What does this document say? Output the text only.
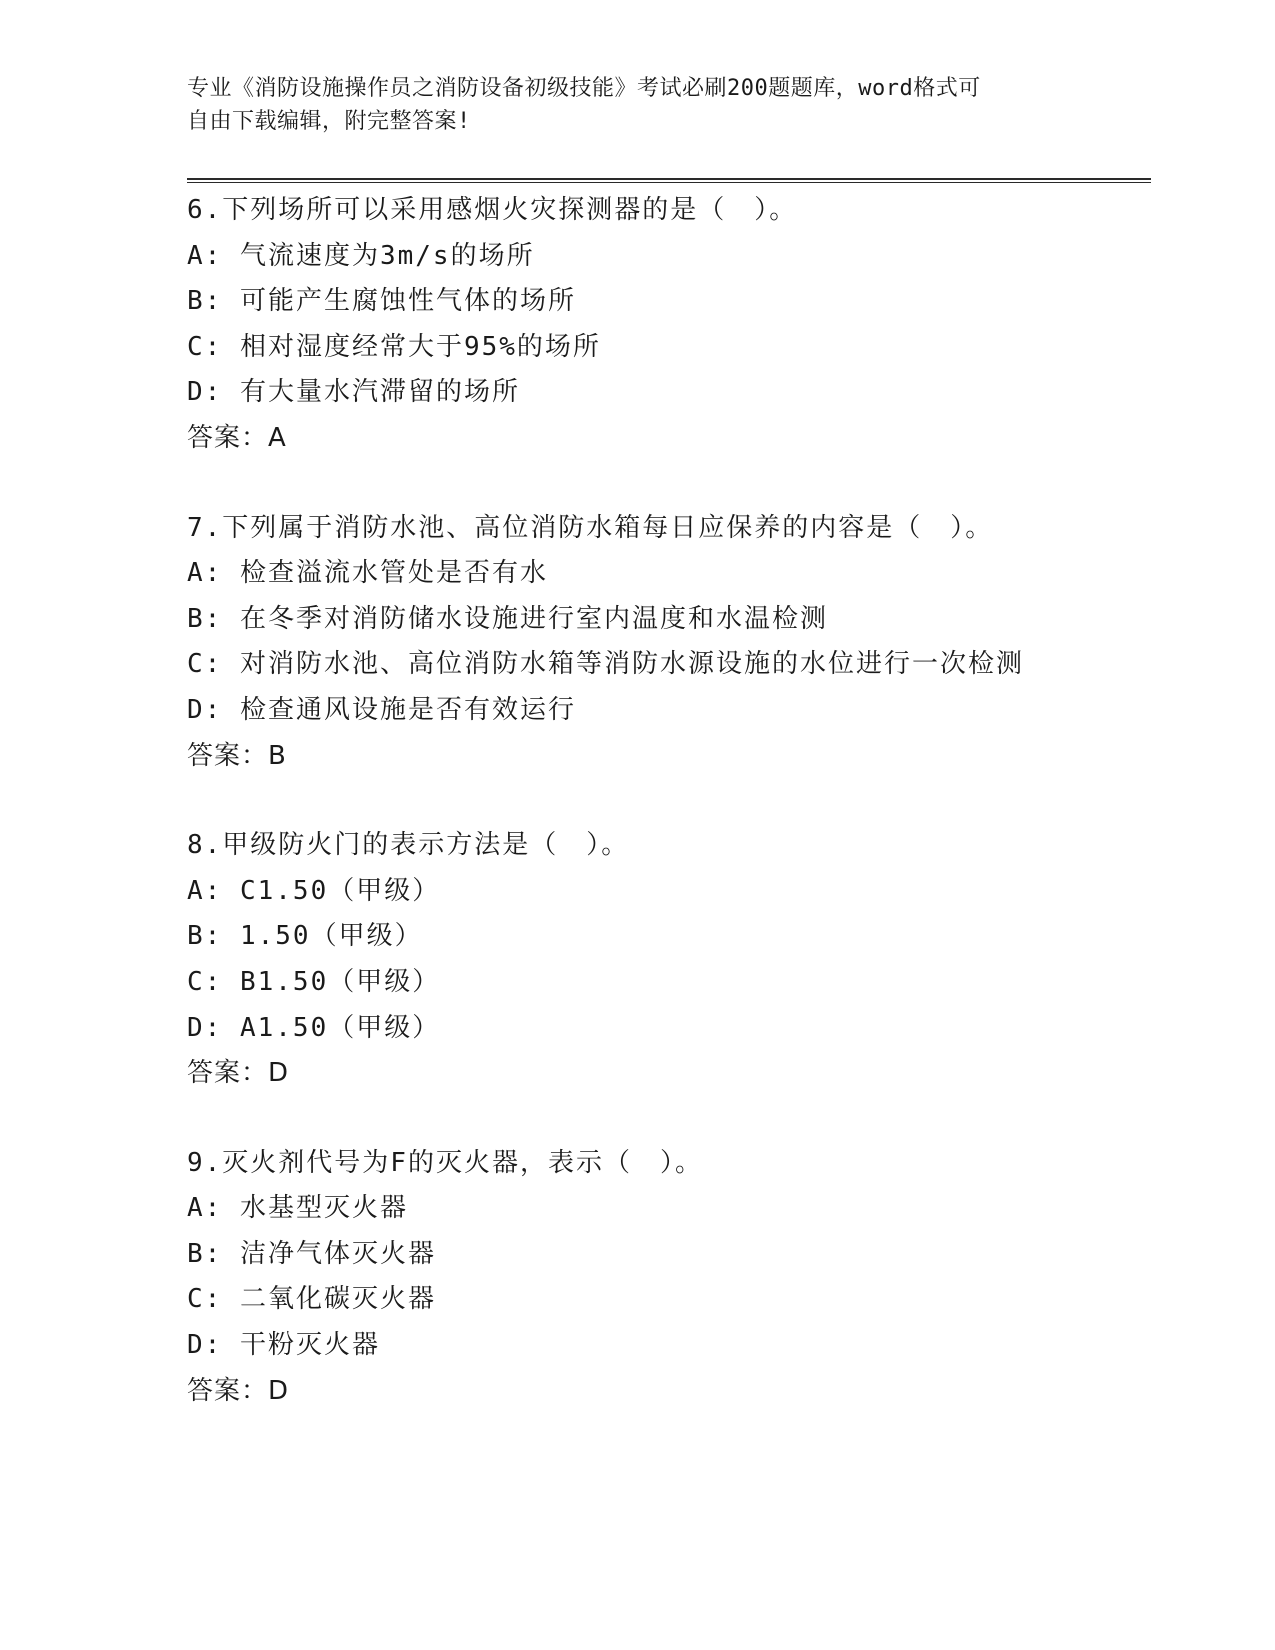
专业《消防设施操作员之消防设备初级技能》考试必刷200题题库，word格式可
自由下载编辑，附完整答案!
6.下列场所可以采用感烟火灾探测器的是（　）。
A: 气流速度为3m/s的场所
B: 可能产生腐蚀性气体的场所
C: 相对湿度经常大于95%的场所
D: 有大量水汽滞留的场所
答案：A
7.下列属于消防水池、高位消防水箱每日应保养的内容是（　）。
A: 检查溢流水管处是否有水
B: 在冬季对消防储水设施进行室内温度和水温检测
C: 对消防水池、高位消防水箱等消防水源设施的水位进行一次检测
D: 检查通风设施是否有效运行
答案：B
8.甲级防火门的表示方法是（　）。
A: C1.50（甲级）
B: 1.50（甲级）
C: B1.50（甲级）
D: A1.50（甲级）
答案：D
9.灭火剂代号为F的灭火器，表示（　）。
A: 水基型灭火器
B: 洁净气体灭火器
C: 二氧化碳灭火器
D: 干粉灭火器
答案：D
